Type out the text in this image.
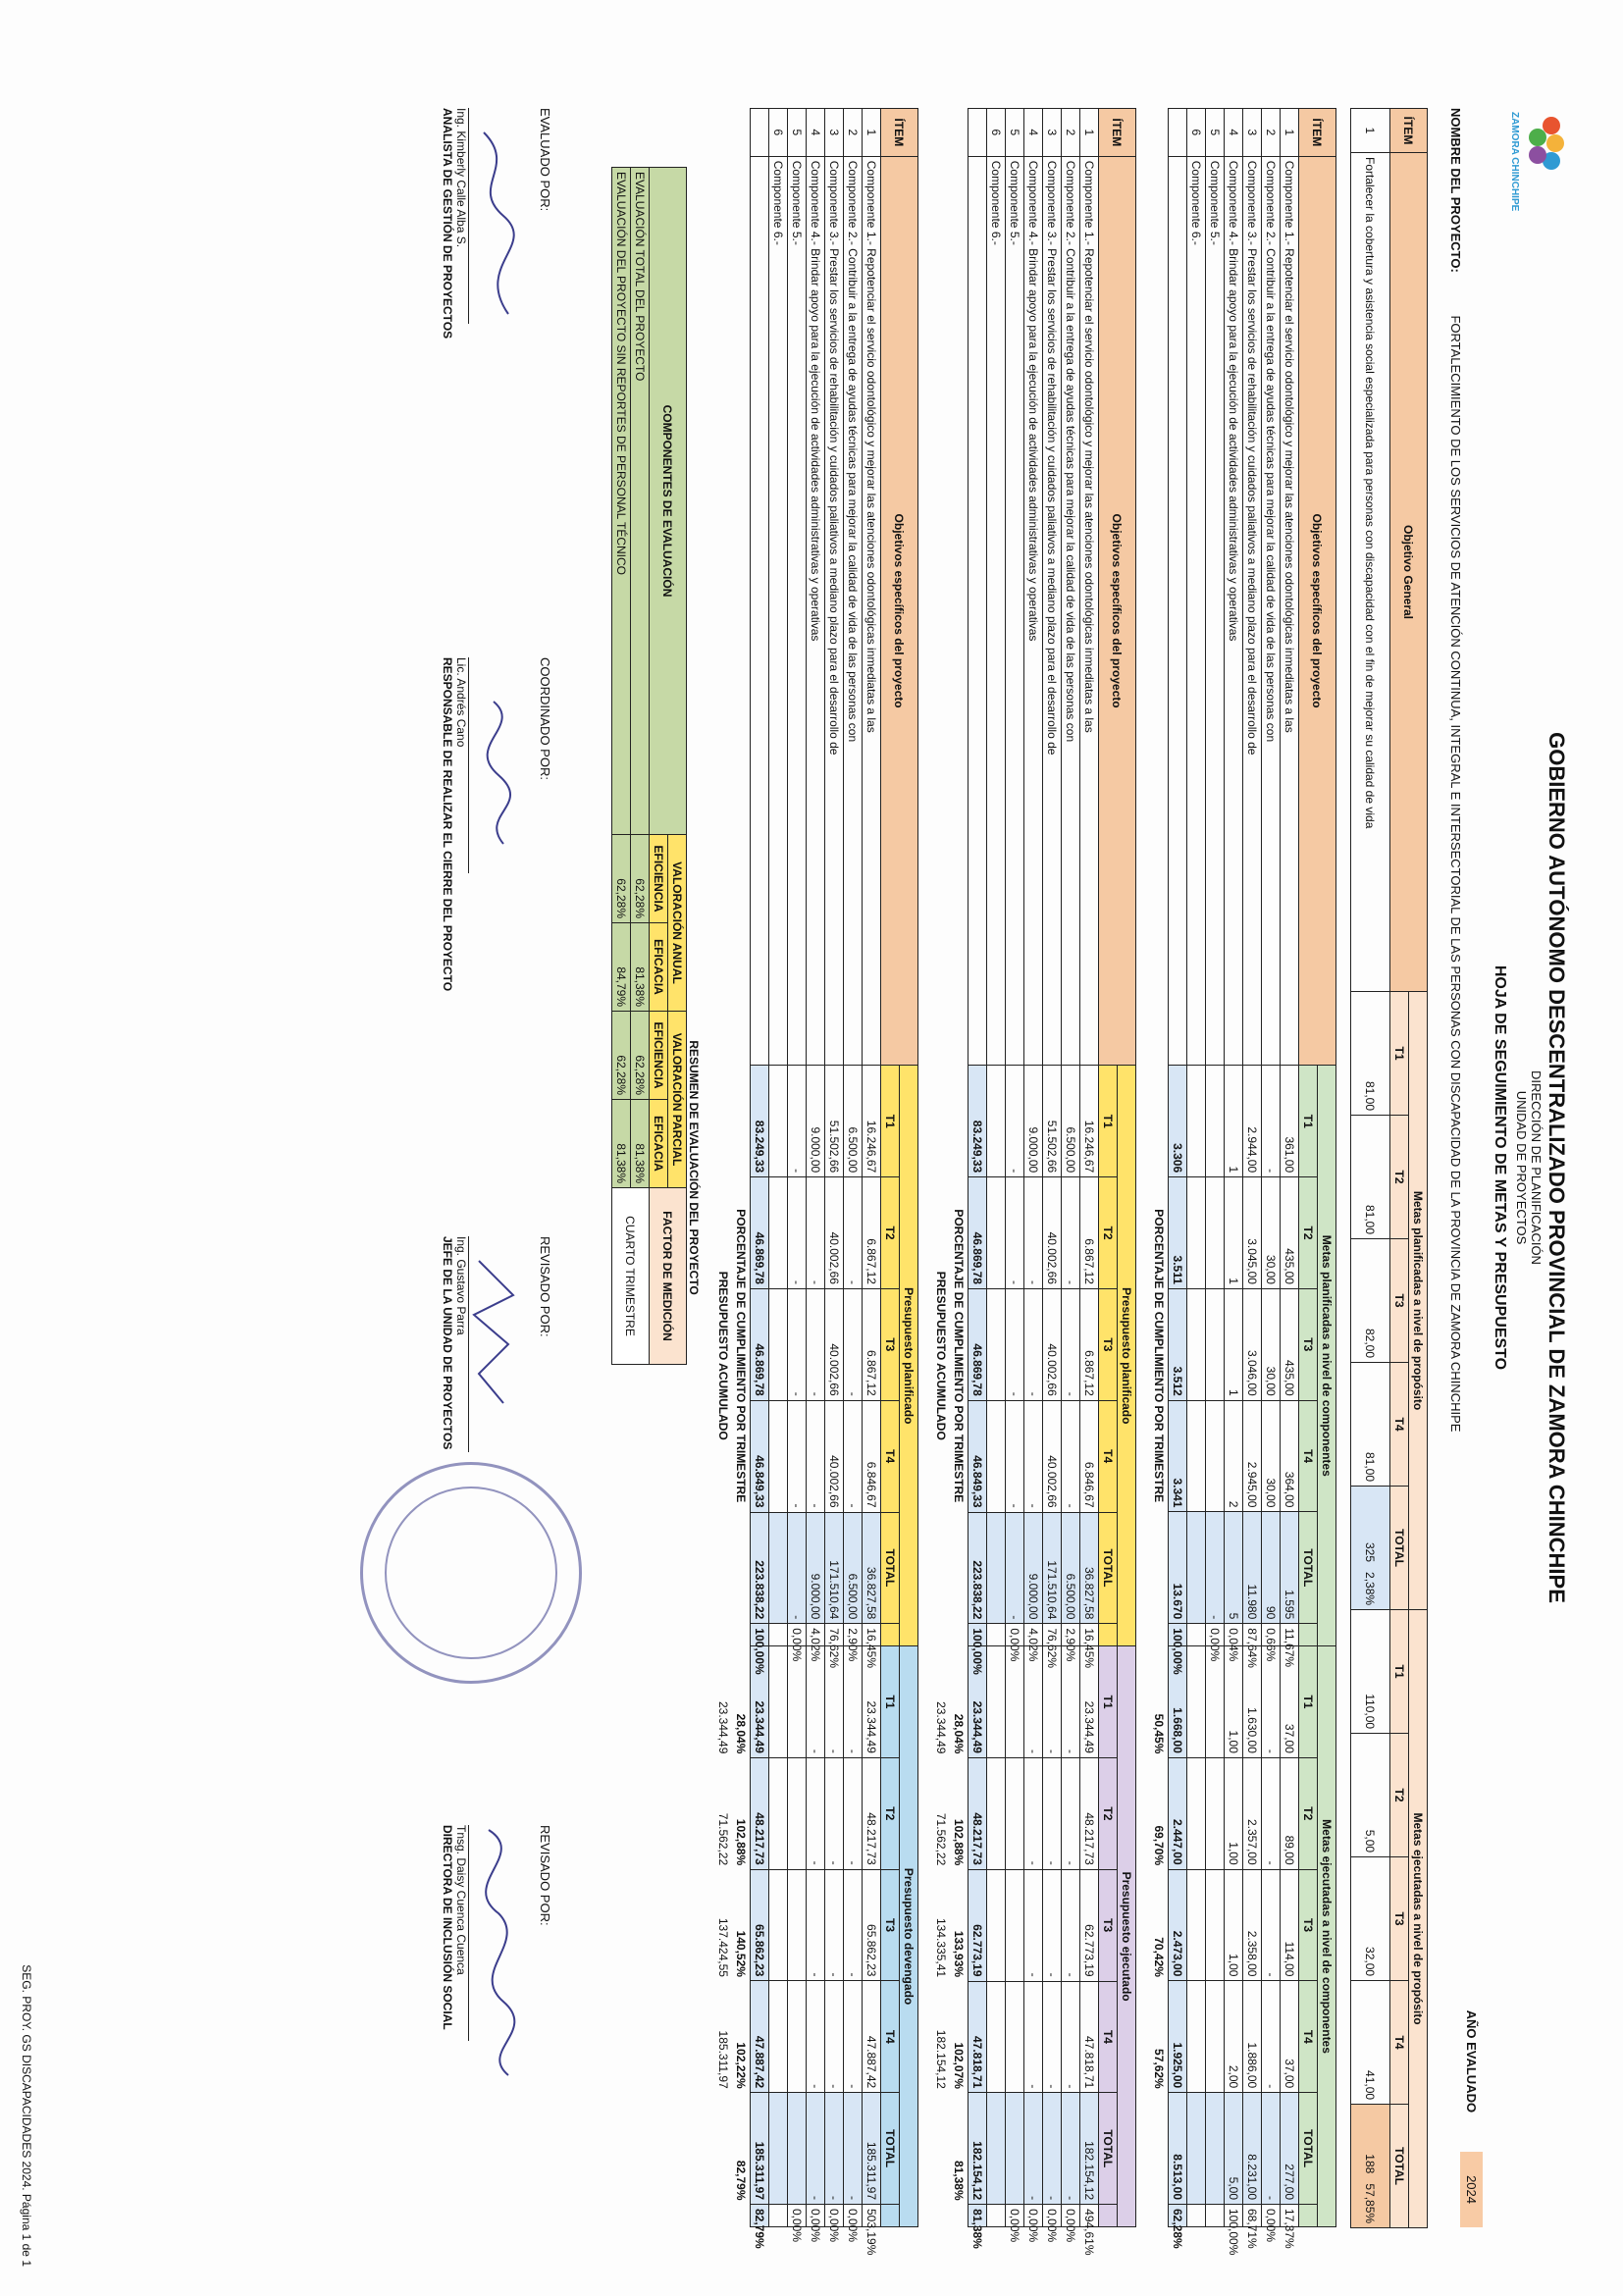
ZAMORA CHINCHIPE
GOBIERNO AUTÓNOMO DESCENTRALIZADO PROVINCIAL DE ZAMORA CHINCHIPE
DIRECCIÓN DE PLANIFICACIÓN
UNIDAD DE PROYECTOS
HOJA DE SEGUIMIENTO DE METAS Y PRESUPUESTO
AÑO EVALUADO
2024
NOMBRE DEL PROYECTO: FORTALECIMIENTO DE LOS SERVICIOS DE ATENCIÓN CONTINUA, INTEGRAL E INTERSECTORIAL DE LAS PERSONAS CON DISCAPACIDAD DE LA PROVINCIA DE ZAMORA CHINCHIPE
ÍTEM	Objetivo General	Metas planificadas a nivel de propósito					Metas ejecutadas a nivel de propósito				
		T1	T2	T3	T4	TOTAL	T1	T2	T3	T4	TOTAL
1	Fortalecer la cobertura y asistencia social especializada para personas con discapacidad con el fin de mejorar su calidad de vida	81,00	81,00	82,00	81,00	325   2,38%	110,00	5,00	32,00	41,00	188   57,85%
ÍTEM	Objetivos específicos del proyecto	Metas planificadas a nivel de componentes						Metas ejecutadas a nivel de componentes					
		T1	T2	T3	T4	TOTAL		T1	T2	T3	T4	TOTAL	
1	Componente 1.- Repotenciar el servicio odontológico y mejorar las atenciones odontológicas inmediatas a las	361,00	435,00	435,00	364,00	1.595	11,67%	37,00	89,00	114,00	37,00	277,00	17,37%
2	Componente 2.- Contribuir a la entrega de ayudas técnicas para mejorar la calidad de vida de las personas con	-	30,00	30,00	30,00	90	0,66%	-	-	-	-	-	0,00%
3	Componente 3.- Prestar los servicios de rehabilitación y cuidados paliativos a mediano plazo para el desarrollo de	2.944,00	3.045,00	3.046,00	2.945,00	11.980	87,64%	1.630,00	2.357,00	2.358,00	1.886,00	8.231,00	68,71%
4	Componente 4.- Brindar apoyo para la ejecución de actividades administrativas y operativas	1	1	1	2	5	0,04%	1,00	1,00	1,00	2,00	5,00	100,00%
5	Componente 5.-					-	0,00%						
6	Componente 6.-												
		3.306	3.511	3.512	3.341	13.670		1.668,00	2.447,00	2.473,00	1.925,00	8.513,00	62,28%
		PORCENTAJE DE CUMPLIMIENTO POR TRIMESTRE						50,45%	69,70%	70,42%	57,62%		
ÍTEM	Objetivos específicos del proyecto	Presupuesto planificado						Presupuesto ejecutado					
		T1	T2	T3	T4	TOTAL		T1	T2	T3	T4	TOTAL	
1	Componente 1.- Repotenciar el servicio odontológico y mejorar las atenciones odontológicas inmediatas a las	16.246,67	6.867,12	6.867,12	6.846,67	36.827,58	16,45%	23.344,49	48.217,73	62.773,19	47.818,71	182.154,12	494,61%
2	Componente 2.- Contribuir a la entrega de ayudas técnicas para mejorar la calidad de vida de las personas con	6.500,00	-	-	-	6.500,00	2,90%	-	-	-	-	-	0,00%
3	Componente 3.- Prestar los servicios de rehabilitación y cuidados paliativos a mediano plazo para el desarrollo de	51.502,66	40.002,66	40.002,66	40.002,66	171.510,64	76,62%	-	-	-	-	-	0,00%
4	Componente 4.- Brindar apoyo para la ejecución de actividades administrativas y operativas	9.000,00	-	-	-	9.000,00	4,02%	-	-	-	-	-	0,00%
5	Componente 5.-	-	-	-	-	-	0,00%						0,00%
6	Componente 6.-												
		83.249,33	46.869,78	46.869,78	46.849,33	223.838,22		23.344,49	48.217,73	62.773,19	47.818,71	182.154,12	81,38%
		PORCENTAJE DE CUMPLIMIENTO POR TRIMESTRE						28,04%	102,88%	133,93%	102,07%	81,38%	
		PRESUPUESTO ACUMULADO						23.344,49	71.562,22	134.335,41	182.154,12		
ÍTEM	Objetivos específicos del proyecto	Presupuesto planificado						Presupuesto devengado					
		T1	T2	T3	T4	TOTAL		T1	T2	T3	T4	TOTAL	
1	Componente 1.- Repotenciar el servicio odontológico y mejorar las atenciones odontológicas inmediatas a las	16.246,67	6.867,12	6.867,12	6.846,67	36.827,58	16,45%	23.344,49	48.217,73	65.862,23	47.887,42	185.311,97	503,19%
2	Componente 2.- Contribuir a la entrega de ayudas técnicas para mejorar la calidad de vida de las personas con	6.500,00	-	-	-	6.500,00	2,90%	-	-	-	-	-	0,00%
3	Componente 3.- Prestar los servicios de rehabilitación y cuidados paliativos a mediano plazo para el desarrollo de	51.502,66	40.002,66	40.002,66	40.002,66	171.510,64	76,62%	-	-	-	-	-	0,00%
4	Componente 4.- Brindar apoyo para la ejecución de actividades administrativas y operativas	9.000,00	-	-	-	9.000,00	4,02%	-	-	-	-	-	0,00%
5	Componente 5.-	-	-	-	-	-	0,00%						0,00%
6	Componente 6.-												
		83.249,33	46.869,78	46.869,78	46.849,33	223.838,22		23.344,49	48.217,73	65.862,23	47.887,42	185.311,97	82,79%
		PORCENTAJE DE CUMPLIMIENTO POR TRIMESTRE						28,04%	102,88%	140,52%	102,22%	82,79%	
		PRESUPUESTO ACUMULADO						23.344,49	71.562,22	137.424,55	185.311,97		
RESUMEN DE EVALUACIÓN DEL PROYECTO
COMPONENTES DE EVALUACIÓN	VALORACIÓN ANUAL		VALORACIÓN PARCIAL		FACTOR DE MEDICIÓN
	EFICIENCIA	EFICACIA	EFICIENCIA	EFICACIA	
EVALUACIÓN TOTAL DEL PROYECTO	62,28%	81,38%	62,28%	81,38%	CUARTO TRIMESTRE
EVALUACIÓN DEL PROYECTO SIN REPORTES DE PERSONAL TÉCNICO	62,28%	84,79%	62,28%	81,38%	
EVALUADO POR:
Ing. Kimberly Calle Alba S.
ANALISTA DE GESTIÓN DE PROYECTOS
COORDINADO POR:
Lic. Andrés Cano
RESPONSABLE DE REALIZAR EL CIERRE DEL PROYECTO
REVISADO POR:
Ing. Gustavo Parra
JEFE DE LA UNIDAD DE PROYECTOS
REVISADO POR:
Tnsg. Daisy Cuenca Cuenca
DIRECTORA DE INCLUSIÓN SOCIAL
SEG. PROY. GS DISCAPACIDADES 2024. Página 1 de 1
